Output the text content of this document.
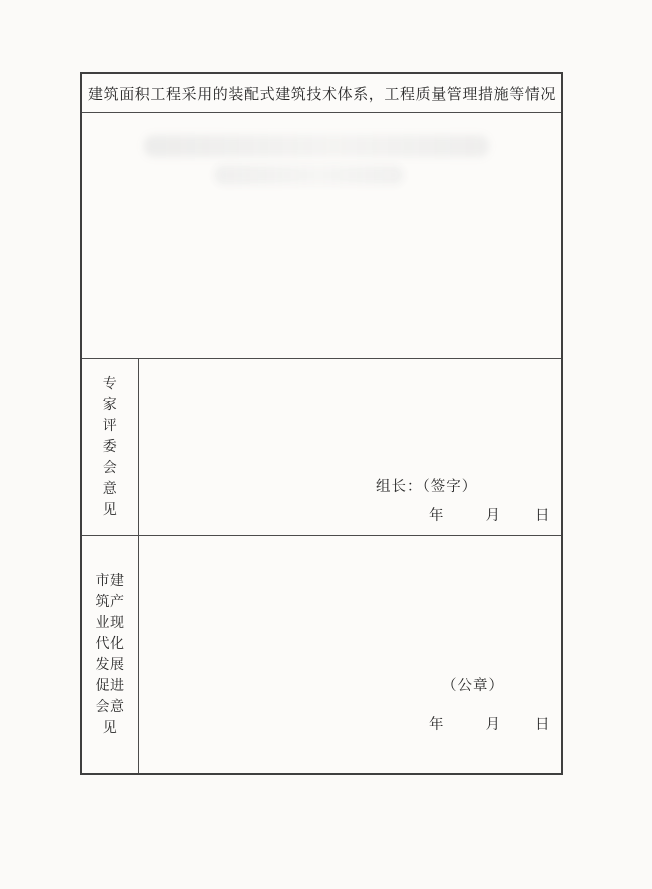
建筑面积工程采用的装配式建筑技术体系，工程质量管理措施等情况
专家评委会意见
组长：（签字）
年	月 日
市建筑产业现代化发展促进会意见
（公章）
年	月 日
